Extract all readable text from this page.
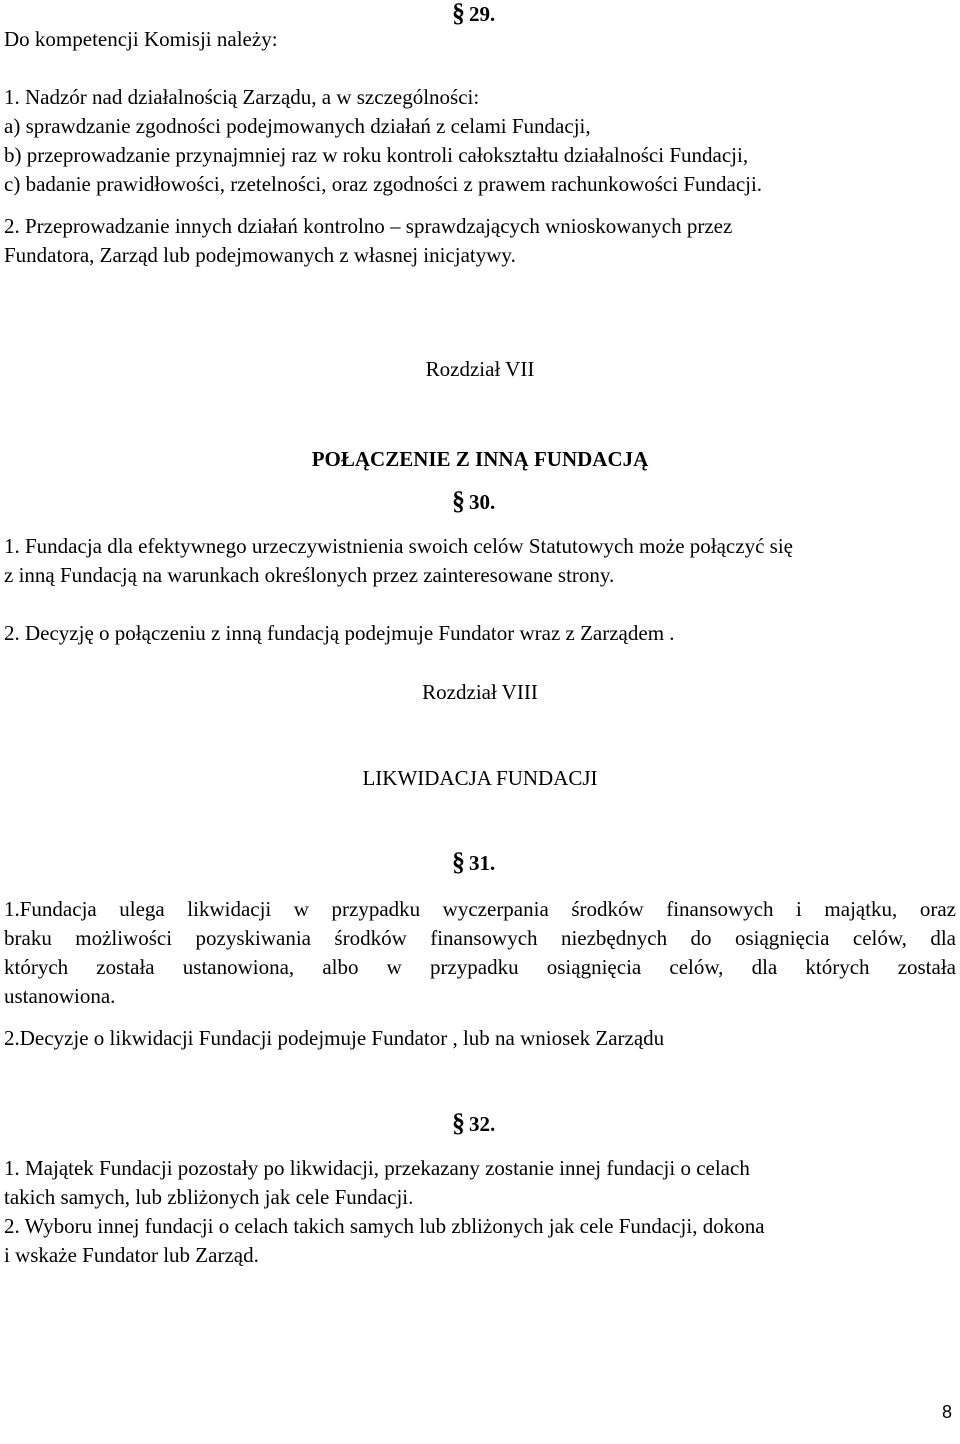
Do kompetencji Komisji należy:
§ 29.
1. Nadzór nad działalnością Zarządu, a w szczególności:
a) sprawdzanie zgodności podejmowanych działań z celami Fundacji,
b) przeprowadzanie przynajmniej raz w roku kontroli całokształtu działalności Fundacji,
c) badanie prawidłowości, rzetelności, oraz zgodności z prawem rachunkowości Fundacji.
2. Przeprowadzanie innych działań kontrolno – sprawdzających wnioskowanych przez
Fundatora, Zarząd lub podejmowanych z własnej inicjatywy.
Rozdział VII
POŁĄCZENIE Z INNĄ FUNDACJĄ
§ 30.
1. Fundacja dla efektywnego urzeczywistnienia swoich celów Statutowych może połączyć się
z inną Fundacją na warunkach określonych przez zainteresowane strony.
2. Decyzję o połączeniu z inną fundacją podejmuje Fundator wraz z Zarządem .
Rozdział VIII
LIKWIDACJA FUNDACJI
§ 31.
1.Fundacja ulega likwidacji w przypadku wyczerpania środków finansowych i majątku, oraz
braku możliwości pozyskiwania środków finansowych niezbędnych do osiągnięcia celów, dla
których została ustanowiona, albo w przypadku osiągnięcia celów, dla których została
ustanowiona.
2.Decyzje o likwidacji Fundacji podejmuje Fundator , lub na wniosek Zarządu
§ 32.
1. Majątek Fundacji pozostały po likwidacji, przekazany zostanie innej fundacji o celach
takich samych, lub zbliżonych jak cele Fundacji.
2. Wyboru innej fundacji o celach takich samych lub zbliżonych jak cele Fundacji, dokona
i wskaże Fundator lub Zarząd.
8
